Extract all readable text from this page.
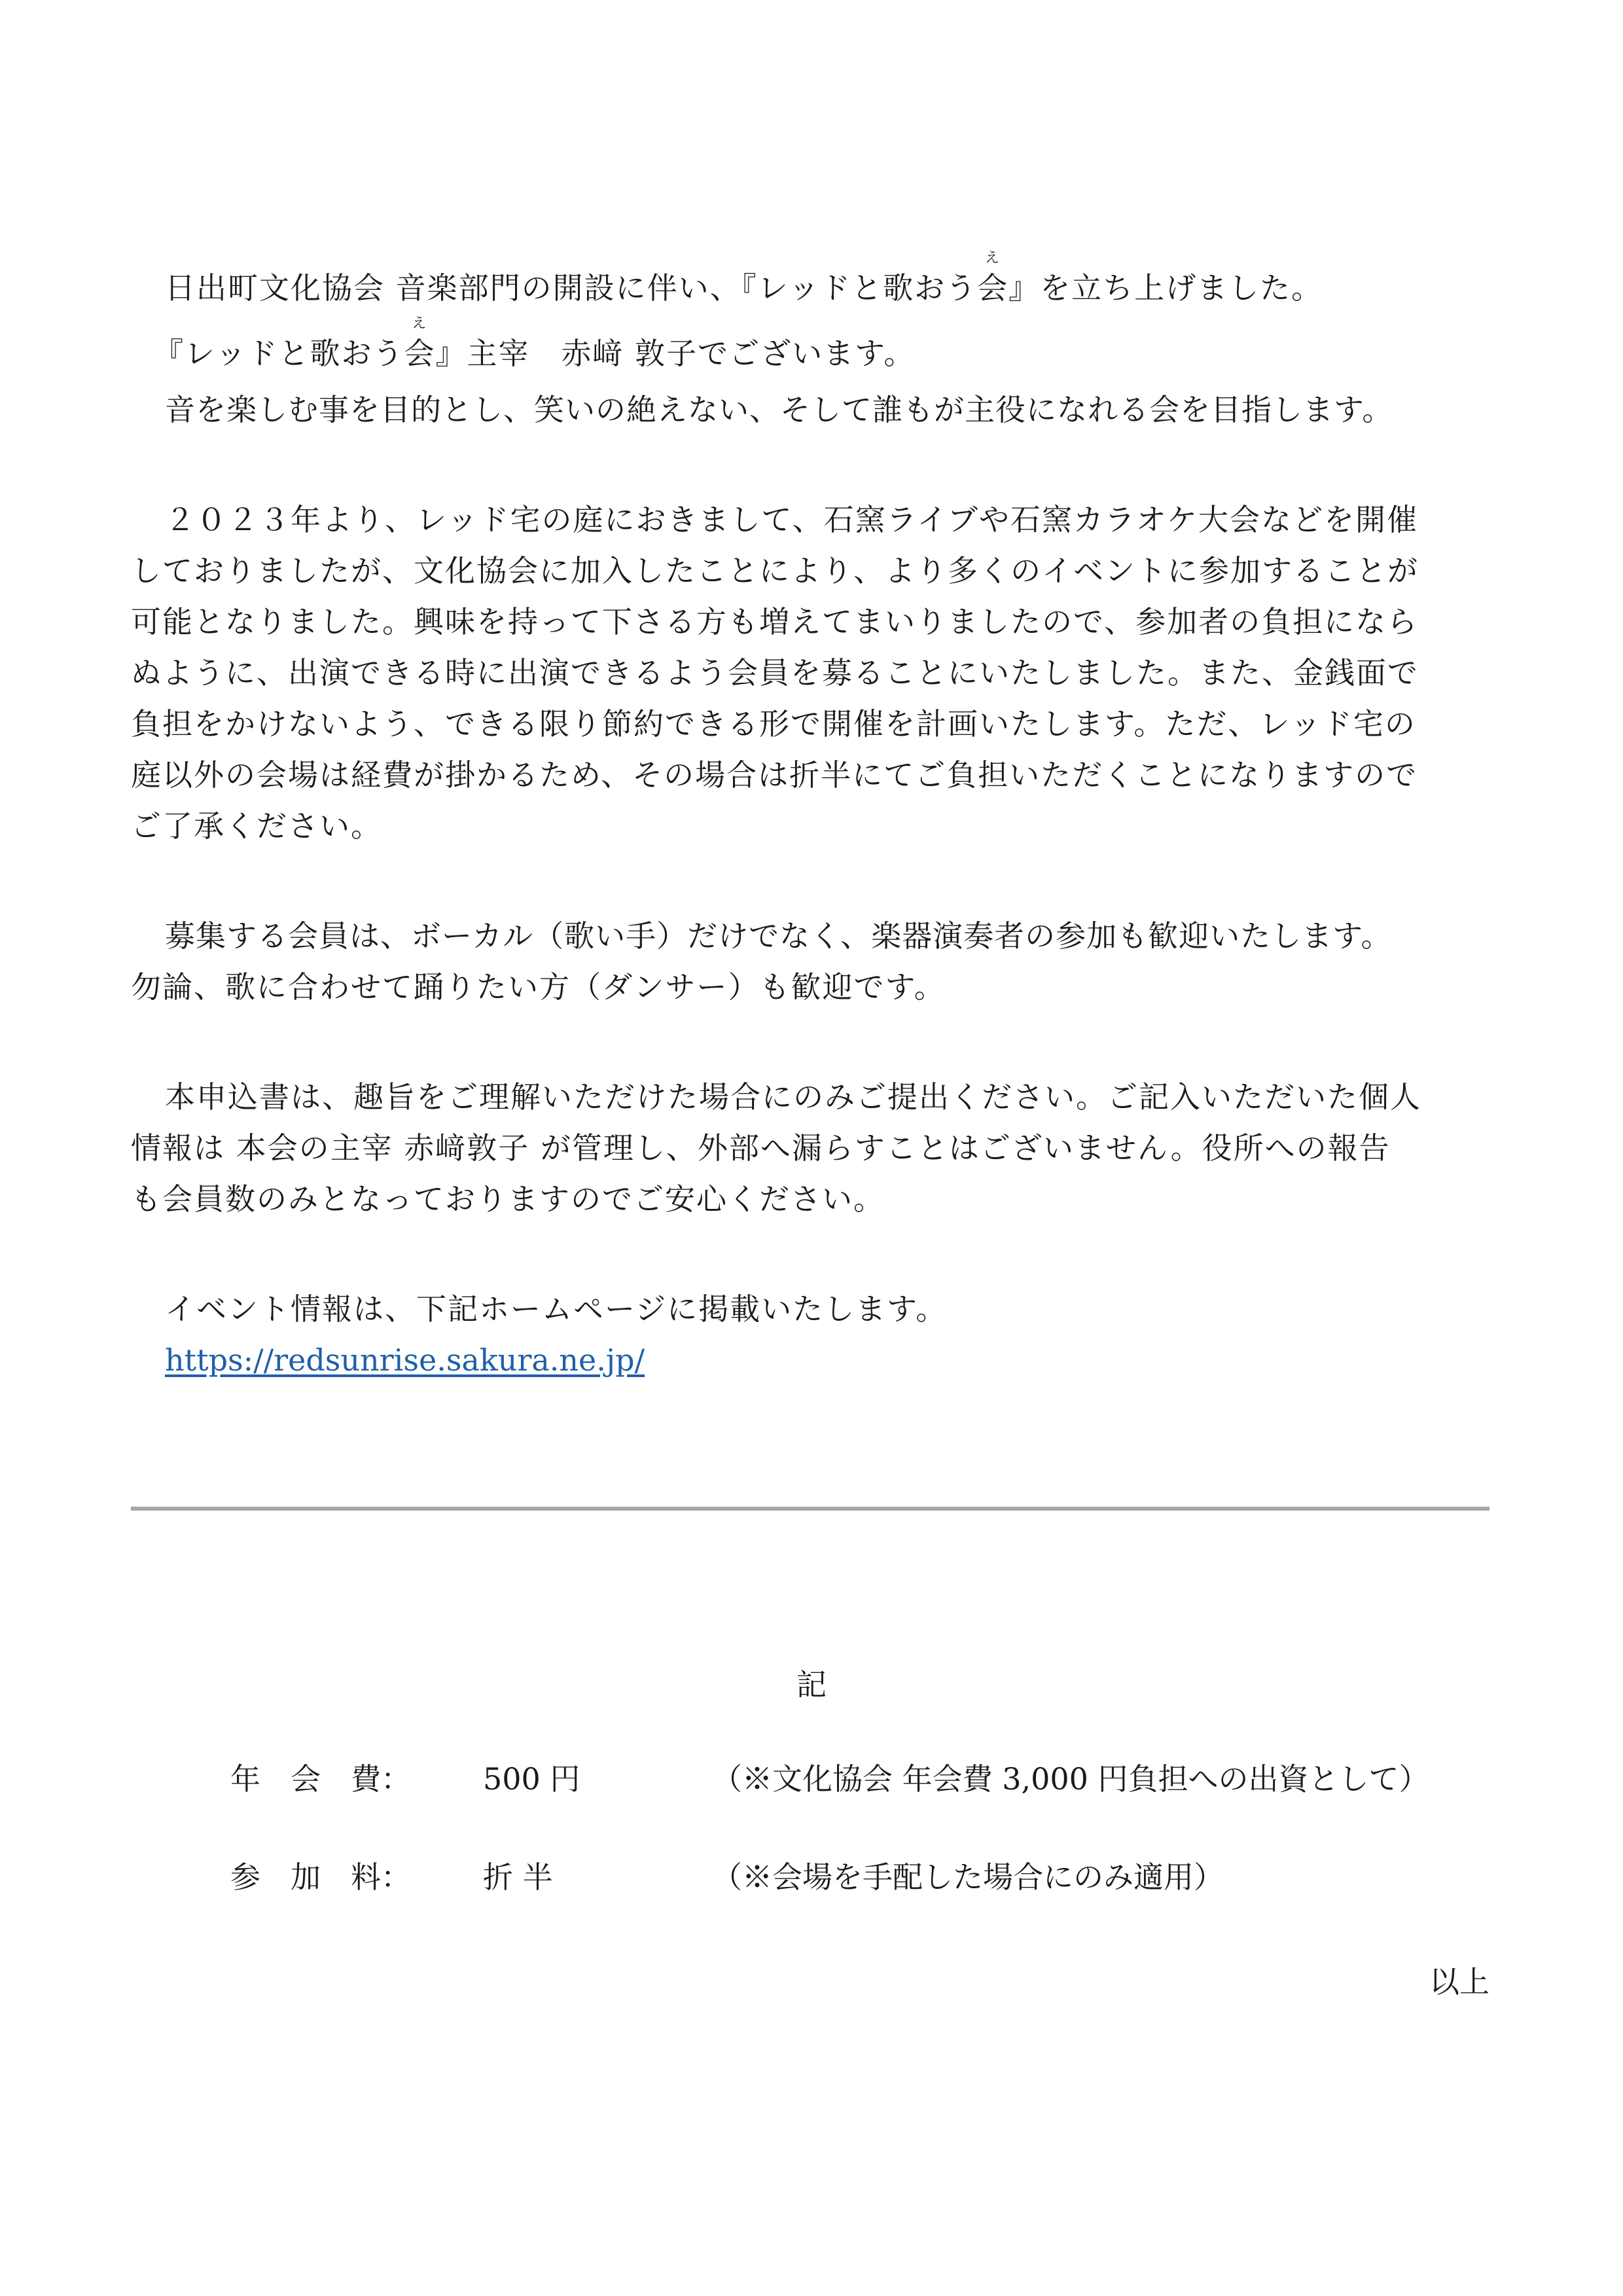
日出町文化協会 音楽部門の開設に伴い、『レッドと歌おう
え
会』を立ち上げました。
『レッドと歌おう
え
会』主宰　赤﨑 敦子でございます。
音を楽しむ事を目的とし、笑いの絶えない、そして誰もが主役になれる会を目指します。
２０２３年より、レッド宅の庭におきまして、石窯ライブや石窯カラオケ大会などを開催
しておりましたが、文化協会に加入したことにより、より多くのイベントに参加することが
可能となりました。興味を持って下さる方も増えてまいりましたので、参加者の負担になら
ぬように、出演できる時に出演できるよう会員を募ることにいたしました。また、金銭面で
負担をかけないよう、できる限り節約できる形で開催を計画いたします。ただ、レッド宅の
庭以外の会場は経費が掛かるため、その場合は折半にてご負担いただくことになりますので
ご了承ください。
募集する会員は、ボーカル（歌い手）だけでなく、楽器演奏者の参加も歓迎いたします。
勿論、歌に合わせて踊りたい方（ダンサー）も歓迎です。
本申込書は、趣旨をご理解いただけた場合にのみご提出ください。ご記入いただいた個人
情報は 本会の主宰 赤﨑敦子 が管理し、外部へ漏らすことはございません。役所への報告
も会員数のみとなっておりますのでご安心ください。
イベント情報は、下記ホームページに掲載いたします。
https://redsunrise.sakura.ne.jp/
記
年　会　費： 500 円	（※文化協会 年会費 3,000 円負担への出資として）
参　加　料： 折 半	（※会場を手配した場合にのみ適用）
以上
